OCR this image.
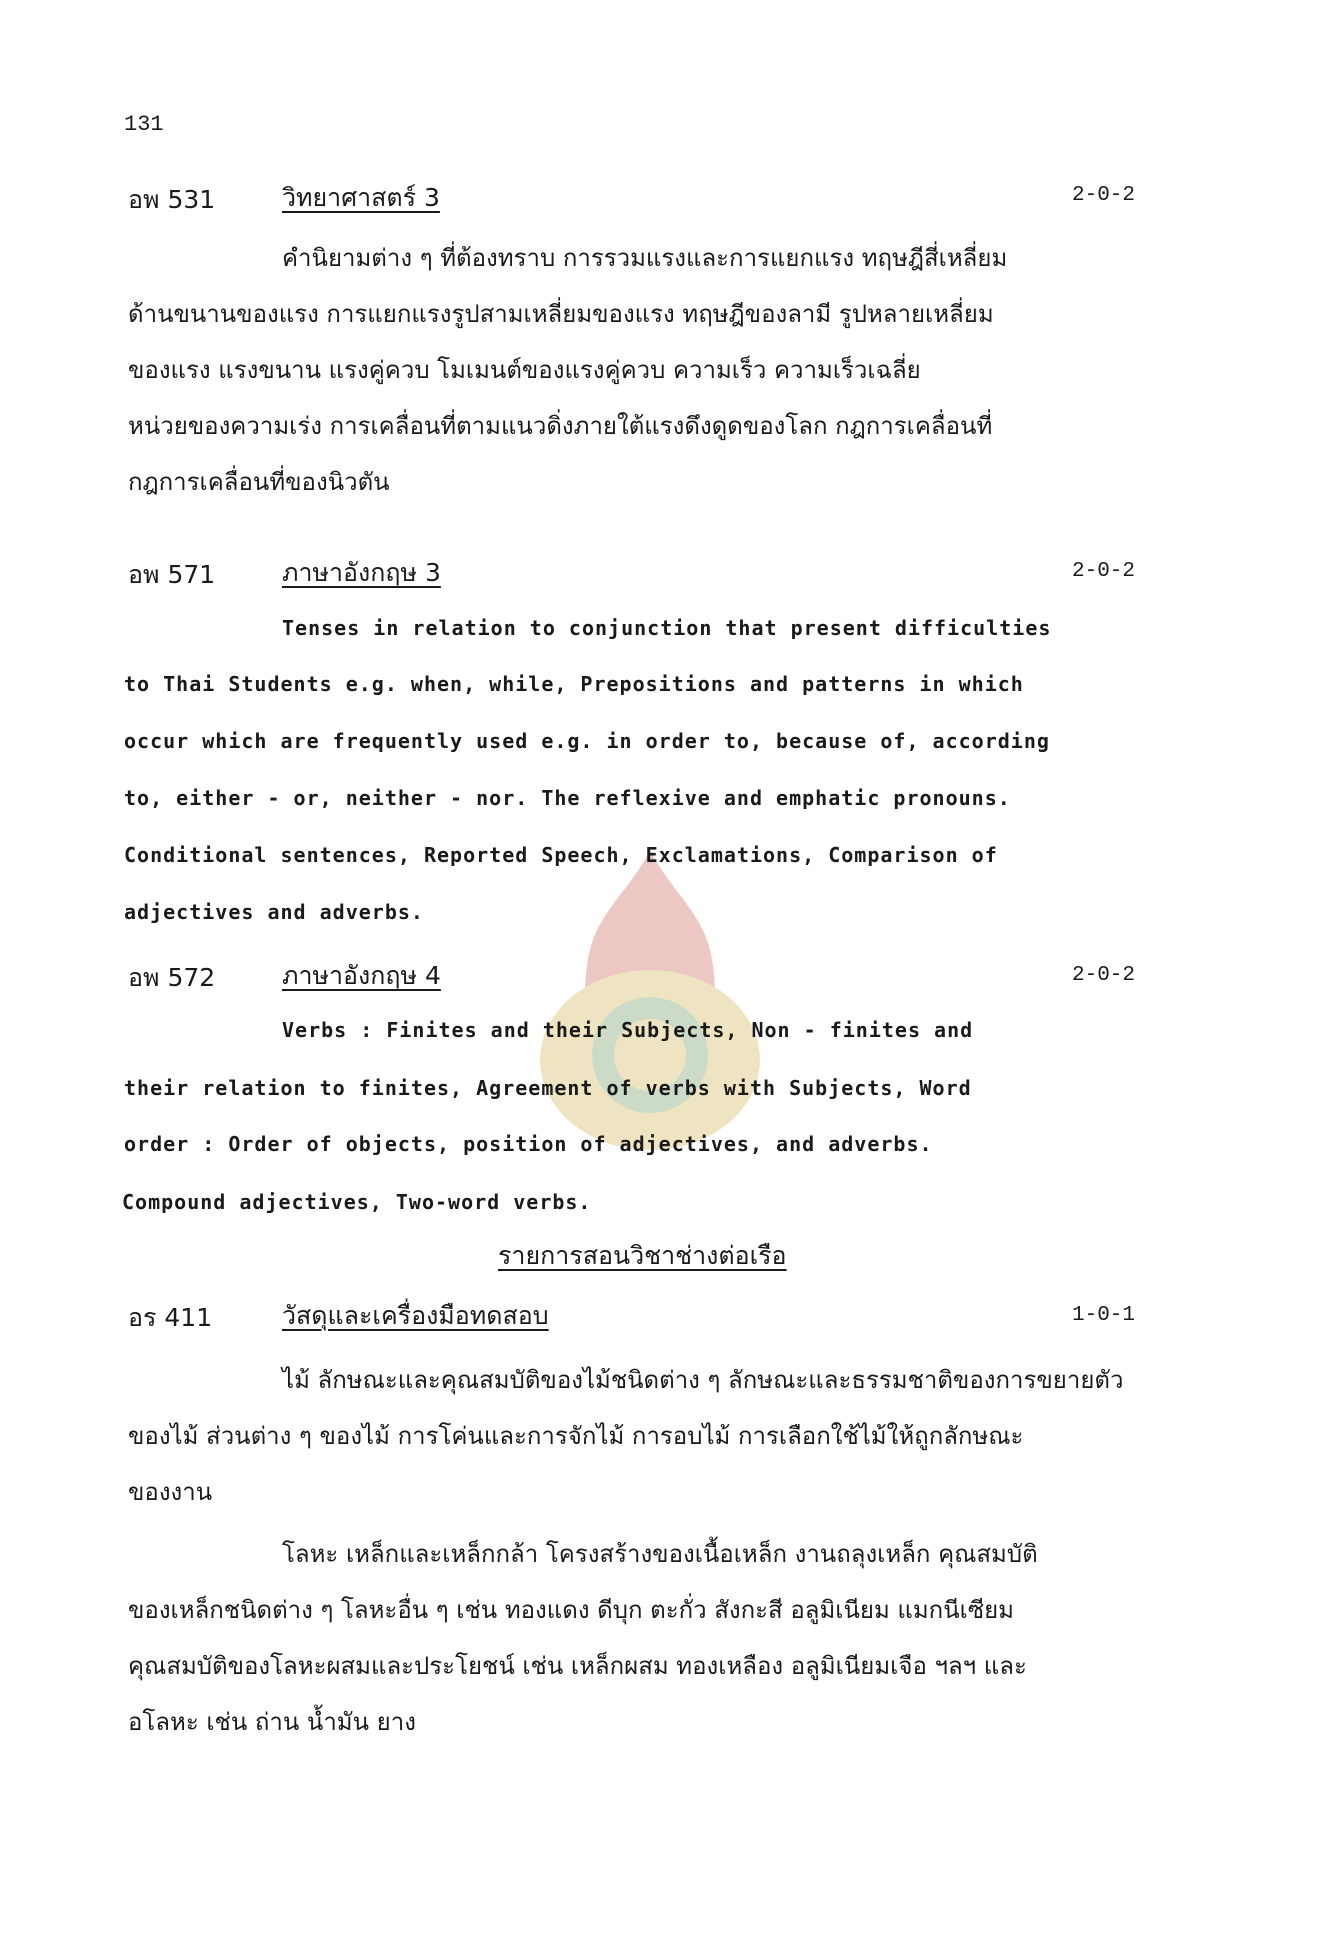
131
อพ 531	วิทยาศาสตร์ 3	2-0-2
คำนิยามต่าง ๆ ที่ต้องทราบ การรวมแรงและการแยกแรง ทฤษฎีสี่เหลี่ยม
ด้านขนานของแรง การแยกแรงรูปสามเหลี่ยมของแรง ทฤษฎีของลามี รูปหลายเหลี่ยม
ของแรง แรงขนาน แรงคู่ควบ โมเมนต์ของแรงคู่ควบ ความเร็ว ความเร็วเฉลี่ย
หน่วยของความเร่ง การเคลื่อนที่ตามแนวดิ่งภายใต้แรงดึงดูดของโลก กฎการเคลื่อนที่
กฎการเคลื่อนที่ของนิวตัน
อพ 571	ภาษาอังกฤษ 3	2-0-2
Tenses in relation to conjunction that present difficulties
to Thai Students e.g. when, while, Prepositions and patterns in which
occur which are frequently used e.g. in order to, because of, according
to, either - or, neither - nor. The reflexive and emphatic pronouns.
Conditional sentences, Reported Speech, Exclamations, Comparison of
adjectives and adverbs.
อพ 572	ภาษาอังกฤษ 4	2-0-2
Verbs : Finites and their Subjects, Non - finites and
their relation to finites, Agreement of verbs with Subjects, Word
order : Order of objects, position of adjectives, and adverbs.
Compound adjectives, Two-word verbs.
รายการสอนวิชาช่างต่อเรือ
อร 411	วัสดุและเครื่องมือทดสอบ	1-0-1
ไม้ ลักษณะและคุณสมบัติของไม้ชนิดต่าง ๆ ลักษณะและธรรมชาติของการขยายตัว
ของไม้ ส่วนต่าง ๆ ของไม้ การโค่นและการจักไม้ การอบไม้ การเลือกใช้ไม้ให้ถูกลักษณะ
ของงาน
โลหะ เหล็กและเหล็กกล้า โครงสร้างของเนื้อเหล็ก งานถลุงเหล็ก คุณสมบัติ
ของเหล็กชนิดต่าง ๆ โลหะอื่น ๆ เช่น ทองแดง ดีบุก ตะกั่ว สังกะสี อลูมิเนียม แมกนีเซียม
คุณสมบัติของโลหะผสมและประโยชน์ เช่น เหล็กผสม ทองเหลือง อลูมิเนียมเจือ ฯลฯ และ
อโลหะ เช่น ถ่าน น้ำมัน ยาง
